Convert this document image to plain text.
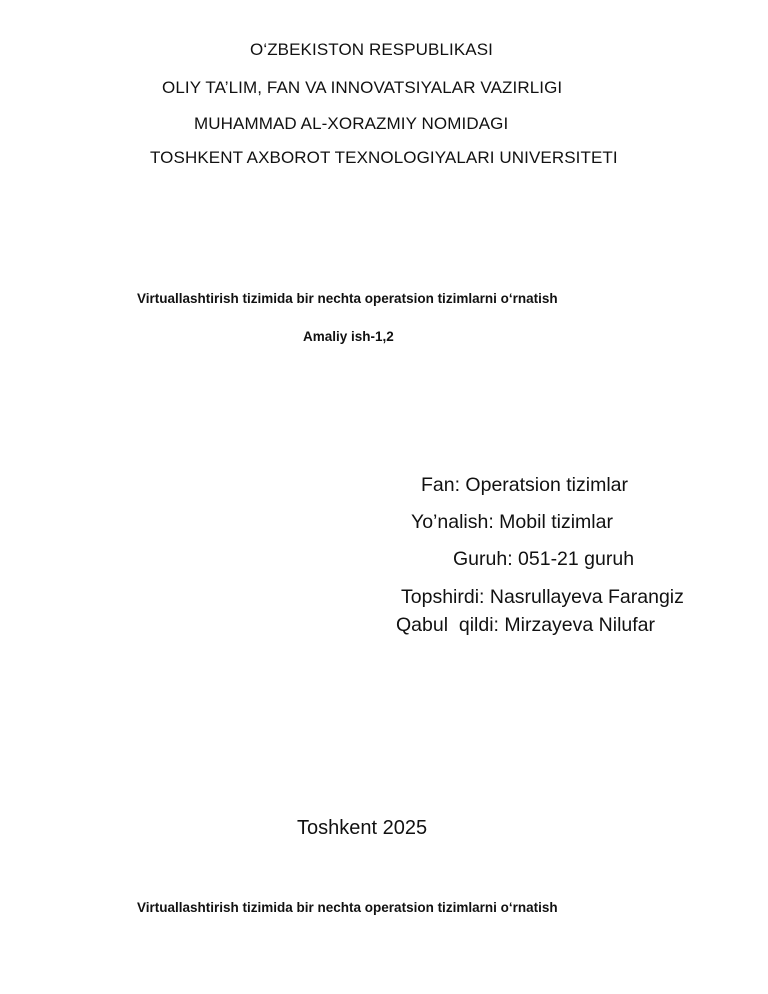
O‘ZBEKISTON RESPUBLIKASI
OLIY TA’LIM, FAN VA INNOVATSIYALAR VAZIRLIGI
MUHAMMAD AL-XORAZMIY NOMIDAGI
TOSHKENT AXBOROT TEXNOLOGIYALARI UNIVERSITETI
Virtuallashtirish tizimida bir nechta operatsion tizimlarni o‘rnatish
Amaliy ish-1,2
Fan: Operatsion tizimlar
Yo’nalish: Mobil tizimlar
Guruh: 051-21 guruh
Topshirdi: Nasrullayeva Farangiz
Qabul  qildi: Mirzayeva Nilufar
Toshkent 2025
Virtuallashtirish tizimida bir nechta operatsion tizimlarni o‘rnatish
